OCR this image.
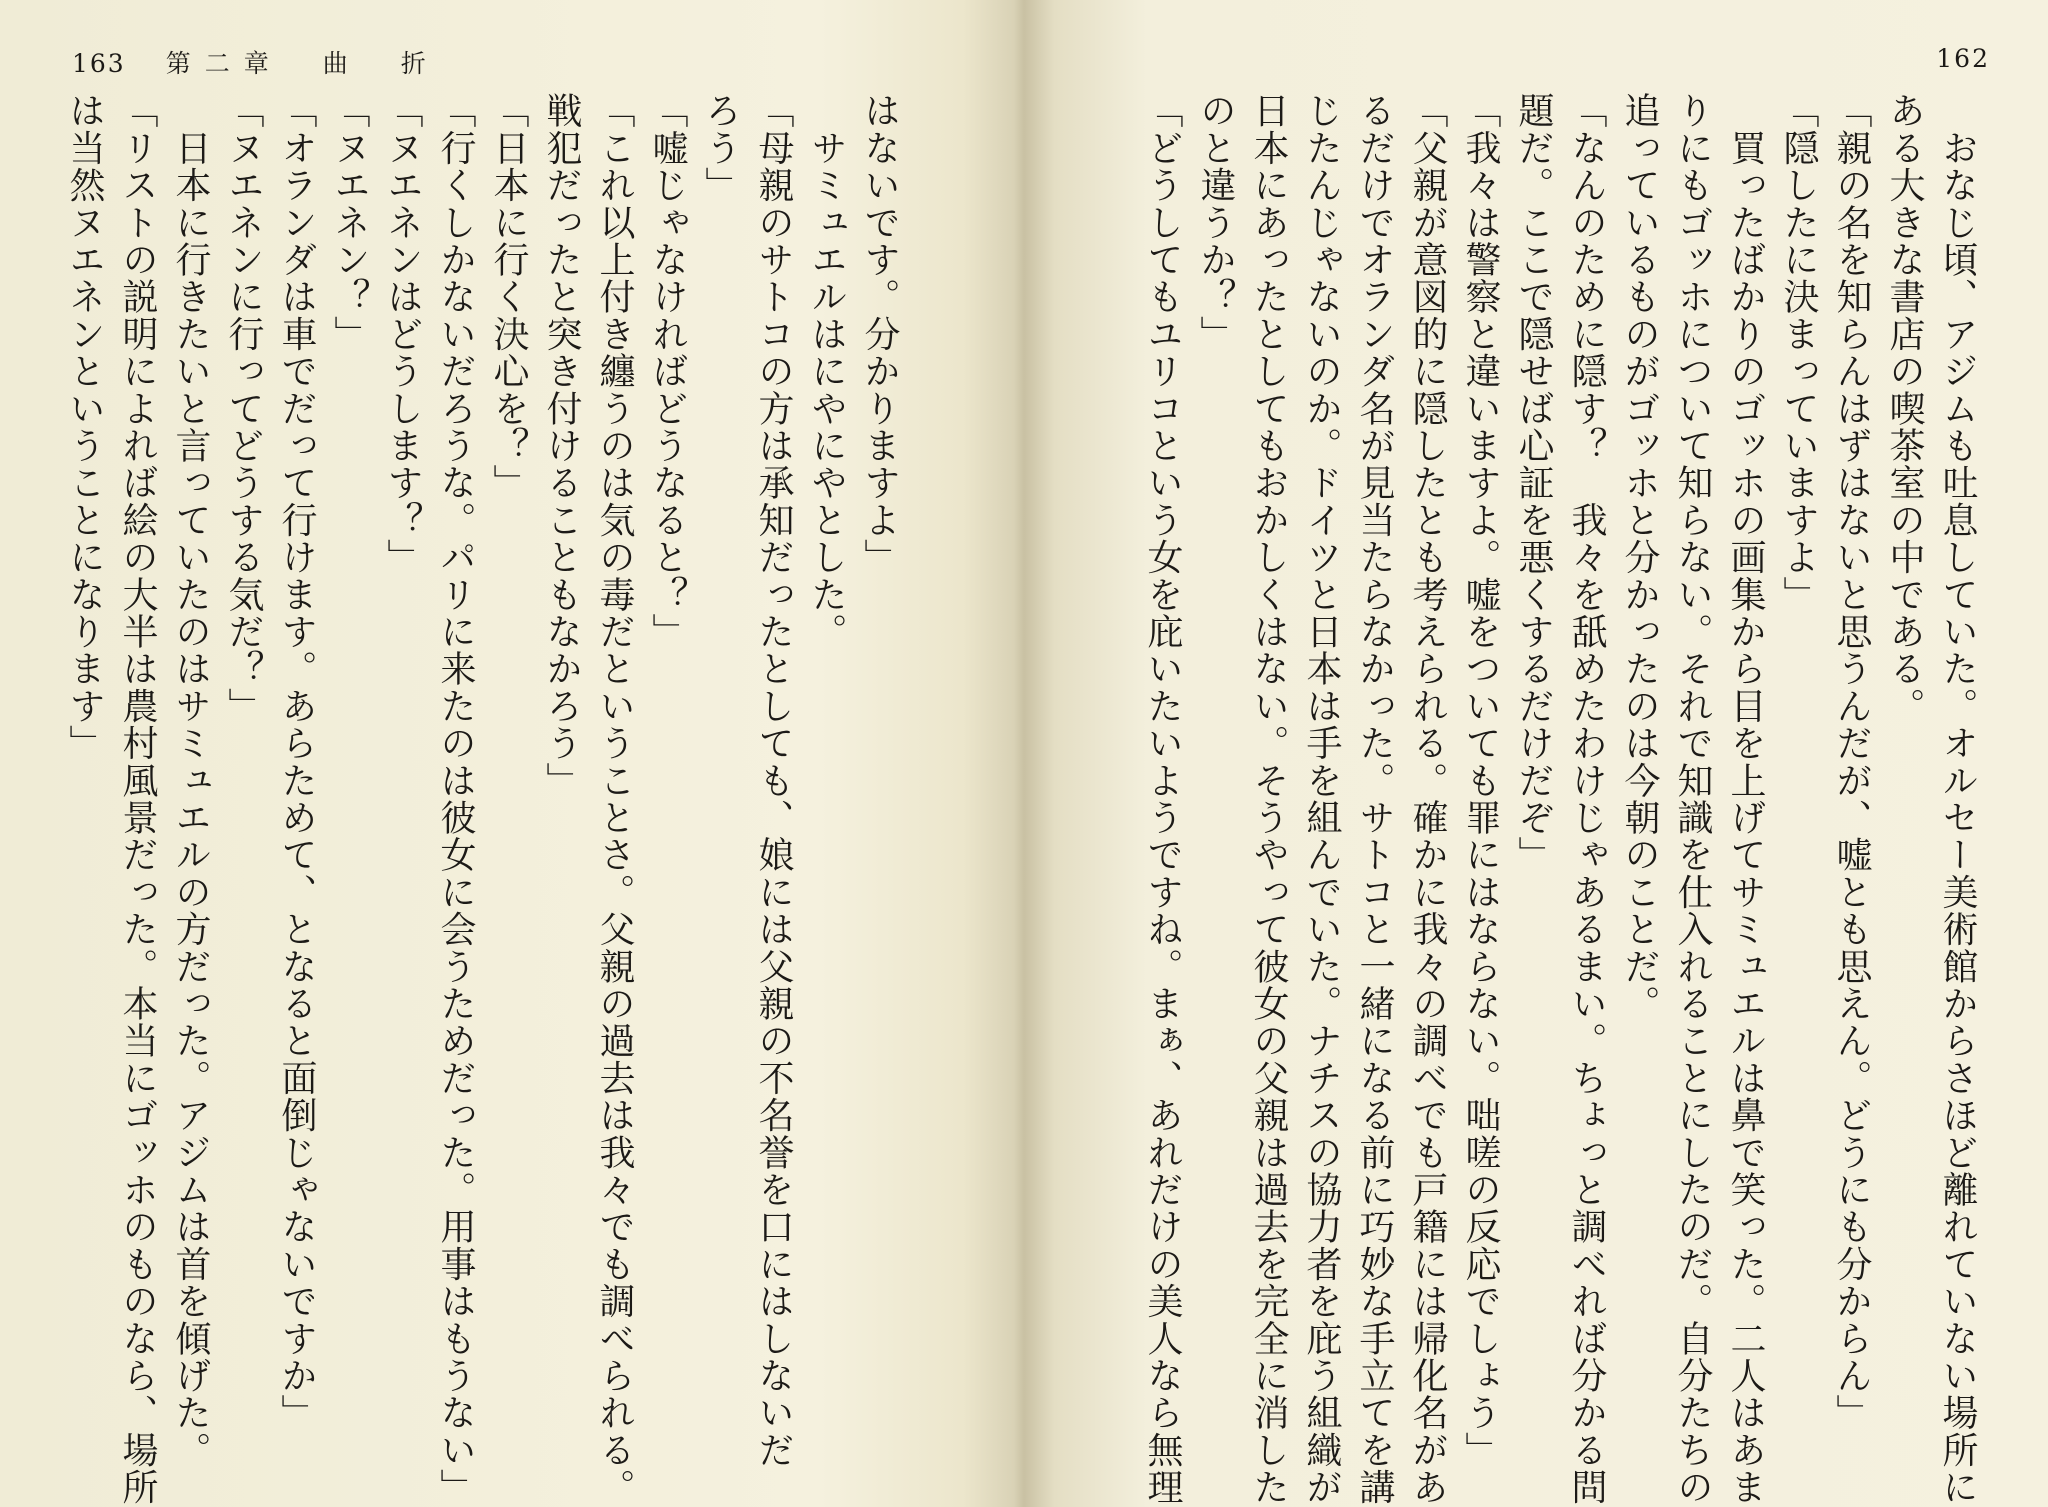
163 第二章 曲　折
はないです。分かりますよ」
　サミュエルはにやにやとした。
「母親のサトコの方は承知だったとしても、娘には父親の不名誉を口にはしないだ
ろう」
「嘘じゃなければどうなると？」
「これ以上付き纏うのは気の毒だということさ。父親の過去は我々でも調べられる。
戦犯だったと突き付けることもなかろう」
「日本に行く決心を？」
「行くしかないだろうな。パリに来たのは彼女に会うためだった。用事はもうない」
「ヌエネンはどうします？」
「ヌエネン？」
「オランダは車でだって行けます。あらためて、となると面倒じゃないですか」
「ヌエネンに行ってどうする気だ？」
　日本に行きたいと言っていたのはサミュエルの方だった。アジムは首を傾げた。
「リストの説明によれば絵の大半は農村風景だった。本当にゴッホのものなら、場所
は当然ヌエネンということになります」
162
　おなじ頃、アジムも吐息していた。オルセー美術館からさほど離れていない場所に
ある大きな書店の喫茶室の中である。
「親の名を知らんはずはないと思うんだが、嘘とも思えん。どうにも分からん」
「隠したに決まっていますよ」
　買ったばかりのゴッホの画集から目を上げてサミュエルは鼻で笑った。二人はあま
りにもゴッホについて知らない。それで知識を仕入れることにしたのだ。自分たちの
追っているものがゴッホと分かったのは今朝のことだ。
「なんのために隠す？　我々を舐めたわけじゃあるまい。ちょっと調べれば分かる問
題だ。ここで隠せば心証を悪くするだけだぞ」
「我々は警察と違いますよ。嘘をついても罪にはならない。咄嗟の反応でしょう」
「父親が意図的に隠したとも考えられる。確かに我々の調べでも戸籍には帰化名があ
るだけでオランダ名が見当たらなかった。サトコと一緒になる前に巧妙な手立てを講
じたんじゃないのか。ドイツと日本は手を組んでいた。ナチスの協力者を庇う組織が
日本にあったとしてもおかしくはない。そうやって彼女の父親は過去を完全に消した
のと違うか？」
「どうしてもユリコという女を庇いたいようですね。まぁ、あれだけの美人なら無理
